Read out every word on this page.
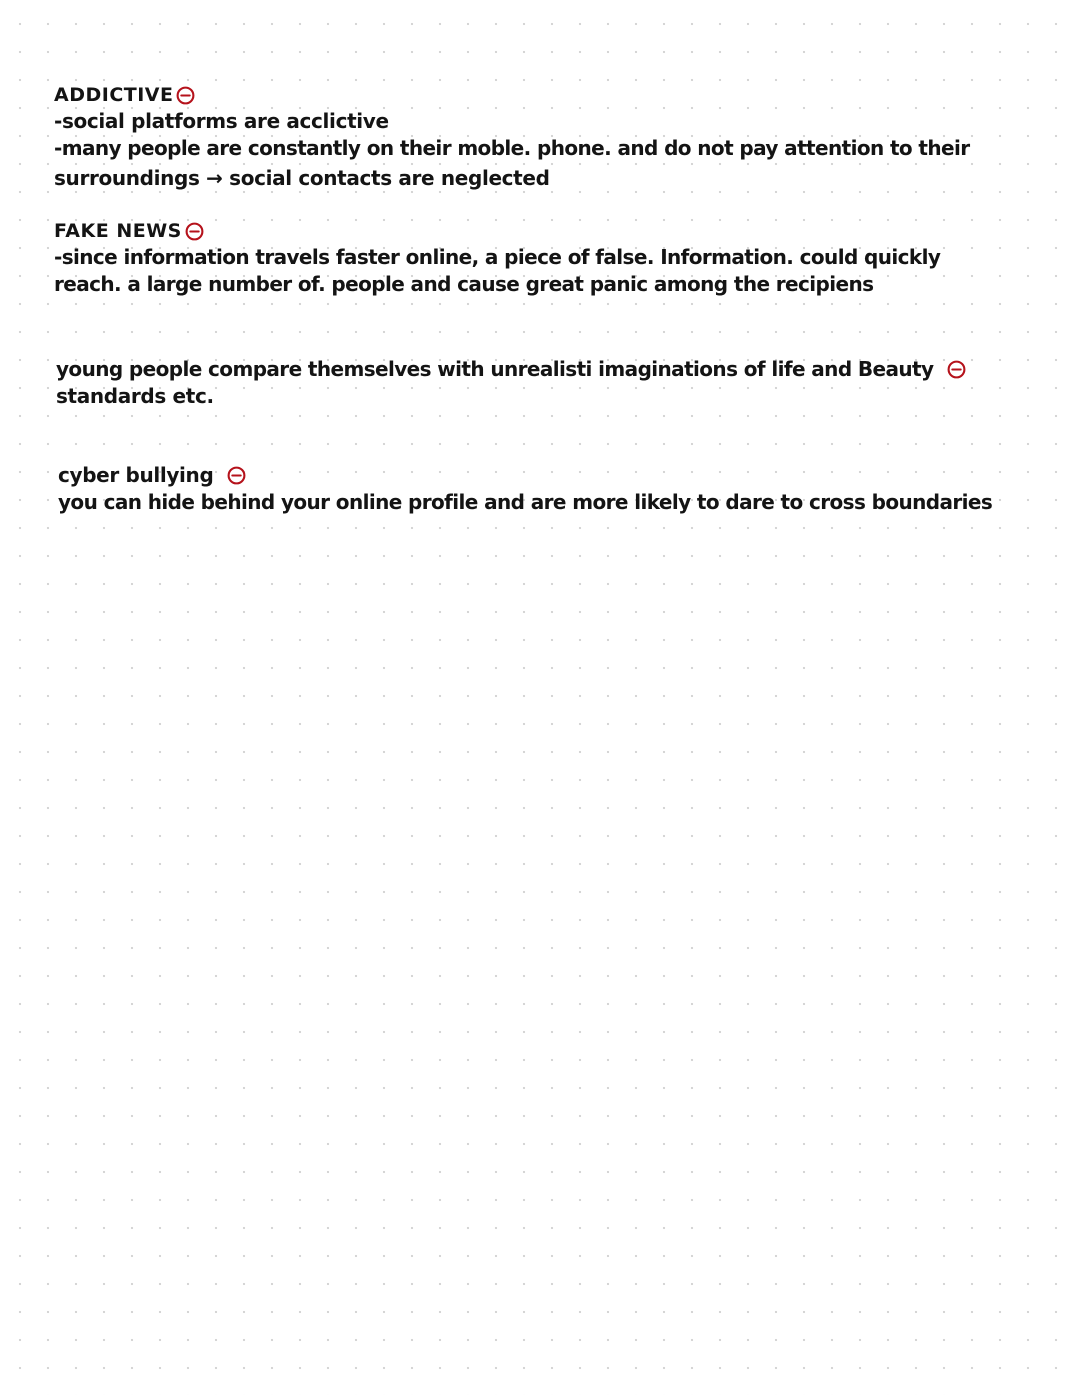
ADDICTIVE
-social platforms are acclictive
-many people are constantly on their moble. phone. and do not pay attention to their
surroundings → social contacts are neglected
FAKE NEWS
-since information travels faster online, a piece of false. Information. could quickly
reach. a large number of. people and cause great panic among the recipiens
young people compare themselves with unrealisti imaginations of life and Beauty
standards etc.
cyber bullying
you can hide behind your online profile and are more likely to dare to cross boundaries
